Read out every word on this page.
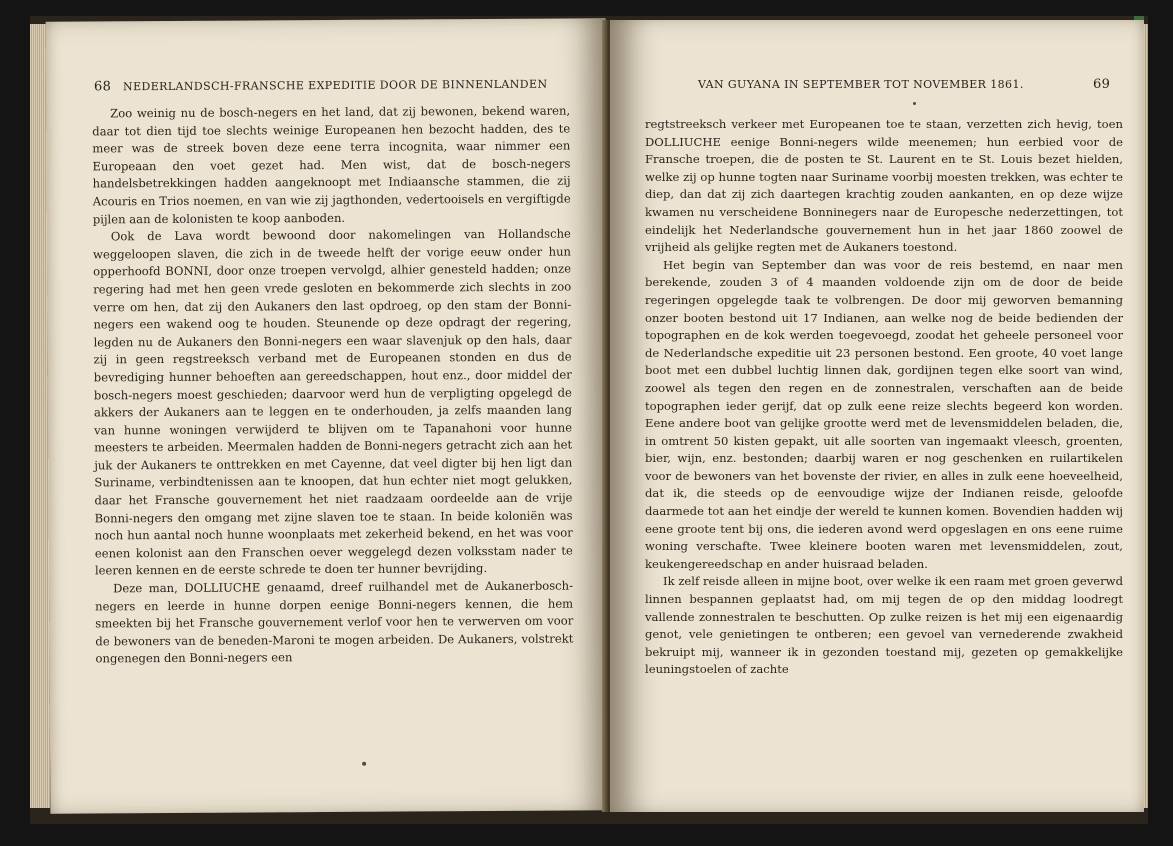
68 NEDERLANDSCH-FRANSCHE EXPEDITIE DOOR DE BINNENLANDEN

Zoo weinig nu de bosch-negers en het land, dat zij bewonen, bekend waren, daar tot dien tijd toe slechts weinige Europeanen hen bezocht hadden, des te meer was de streek boven deze eene terra incognita, waar nimmer een Europeaan den voet gezet had. Men wist, dat de bosch-negers handelsbetrekkingen hadden aangeknoopt met Indiaansche stammen, die zij Acouris en Trios noemen, en van wie zij jagthonden, vedertooisels en vergiftigde pijlen aan de kolonisten te koop aanboden.

Ook de Lava wordt bewoond door nakomelingen van Hollandsche weggeloopen slaven, die zich in de tweede helft der vorige eeuw onder hun opperhoofd BONNI, door onze troepen vervolgd, alhier genesteld hadden; onze regering had met hen geen vrede gesloten en bekommerde zich slechts in zoo verre om hen, dat zij den Aukaners den last opdroeg, op den stam der Bonni-negers een wakend oog te houden. Steunende op deze opdragt der regering, legden nu de Aukaners den Bonni-negers een waar slavenjuk op den hals, daar zij in geen regstreeksch verband met de Europeanen stonden en dus de bevrediging hunner behoeften aan gereedschappen, hout enz., door middel der bosch-negers moest geschieden; daarvoor werd hun de verpligting opgelegd de akkers der Aukaners aan te leggen en te onderhouden, ja zelfs maanden lang van hunne woningen verwijderd te blijven om te Tapanahoni voor hunne meesters te arbeiden. Meermalen hadden de Bonni-negers getracht zich aan het juk der Aukaners te onttrekken en met Cayenne, dat veel digter bij hen ligt dan Suriname, verbindtenissen aan te knoopen, dat hun echter niet mogt gelukken, daar het Fransche gouvernement het niet raadzaam oordeelde aan de vrije Bonni-negers den omgang met zijne slaven toe te staan. In beide koloniën was noch hun aantal noch hunne woonplaats met zekerheid bekend, en het was voor eenen kolonist aan den Franschen oever weggelegd dezen volksstam nader te leeren kennen en de eerste schrede te doen ter hunner bevrijding.

Deze man, DOLLIUCHE genaamd, dreef ruilhandel met de Aukanerbosch-negers en leerde in hunne dorpen eenige Bonni-negers kennen, die hem smeekten bij het Fransche gouvernement verlof voor hen te verwerven om voor de bewoners van de beneden-Maroni te mogen arbeiden. De Aukaners, volstrekt ongenegen den Bonni-negers een

VAN GUYANA IN SEPTEMBER TOT NOVEMBER 1861.	69

regtstreeksch verkeer met Europeanen toe te staan, verzetten zich hevig, toen DOLLIUCHE eenige Bonni-negers wilde meenemen; hun eerbied voor de Fransche troepen, die de posten te St. Laurent en te St. Louis bezet hielden, welke zij op hunne togten naar Suriname voorbij moesten trekken, was echter te diep, dan dat zij zich daartegen krachtig zouden aankanten, en op deze wijze kwamen nu verscheidene Bonninegers naar de Europesche nederzettingen, tot eindelijk het Nederlandsche gouvernement hun in het jaar 1860 zoowel de vrijheid als gelijke regten met de Aukaners toestond.

Het begin van September dan was voor de reis bestemd, en naar men berekende, zouden 3 of 4 maanden voldoende zijn om de door de beide regeringen opgelegde taak te volbrengen. De door mij geworven bemanning onzer booten bestond uit 17 Indianen, aan welke nog de beide bedienden der topographen en de kok werden toegevoegd, zoodat het geheele personeel voor de Nederlandsche expeditie uit 23 personen bestond. Een groote, 40 voet lange boot met een dubbel luchtig linnen dak, gordijnen tegen elke soort van wind, zoowel als tegen den regen en de zonnestralen, verschaften aan de beide topographen ieder gerijf, dat op zulk eene reize slechts begeerd kon worden. Eene andere boot van gelijke grootte werd met de levensmiddelen beladen, die, in omtrent 50 kisten gepakt, uit alle soorten van ingemaakt vleesch, groenten, bier, wijn, enz. bestonden; daarbij waren er nog geschenken en ruilartikelen voor de bewoners van het bovenste der rivier, en alles in zulk eene hoeveelheid, dat ik, die steeds op de eenvoudige wijze der Indianen reisde, geloofde daarmede tot aan het eindje der wereld te kunnen komen. Bovendien hadden wij eene groote tent bij ons, die iederen avond werd opgeslagen en ons eene ruime woning verschafte. Twee kleinere booten waren met levensmiddelen, zout, keukengereedschap en ander huisraad beladen.

Ik zelf reisde alleen in mijne boot, over welke ik een raam met groen geverwd linnen bespannen geplaatst had, om mij tegen de op den middag loodregt vallende zonnestralen te beschutten. Op zulke reizen is het mij een eigenaardig genot, vele genietingen te ontberen; een gevoel van vernederende zwakheid bekruipt mij, wanneer ik in gezonden toestand mij, gezeten op gemakkelijke leuningstoelen of zachte
